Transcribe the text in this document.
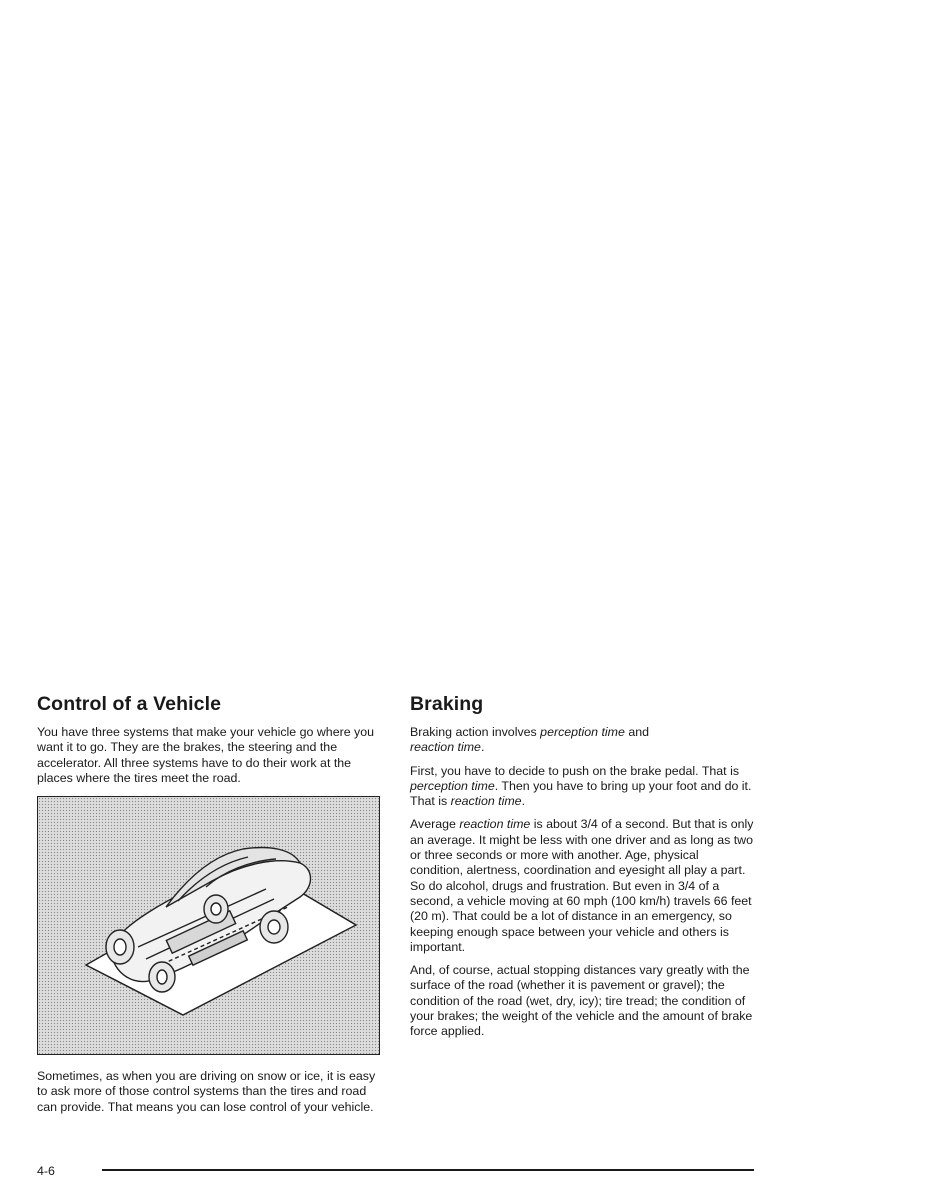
Control of a Vehicle

You have three systems that make your vehicle go where you want it to go. They are the brakes, the steering and the accelerator. All three systems have to do their work at the places where the tires meet the road.

Sometimes, as when you are driving on snow or ice, it is easy to ask more of those control systems than the tires and road can provide. That means you can lose control of your vehicle.

Braking

Braking action involves perception time and
reaction time.

First, you have to decide to push on the brake pedal. That is perception time. Then you have to bring up your foot and do it. That is reaction time.

Average reaction time is about 3/4 of a second. But that is only an average. It might be less with one driver and as long as two or three seconds or more with another. Age, physical condition, alertness, coordination and eyesight all play a part. So do alcohol, drugs and frustration. But even in 3/4 of a second, a vehicle moving at 60 mph (100 km/h) travels 66 feet (20 m). That could be a lot of distance in an emergency, so keeping enough space between your vehicle and others is important.

And, of course, actual stopping distances vary greatly with the surface of the road (whether it is pavement or gravel); the condition of the road (wet, dry, icy); tire tread; the condition of your brakes; the weight of the vehicle and the amount of brake force applied.

4-6
